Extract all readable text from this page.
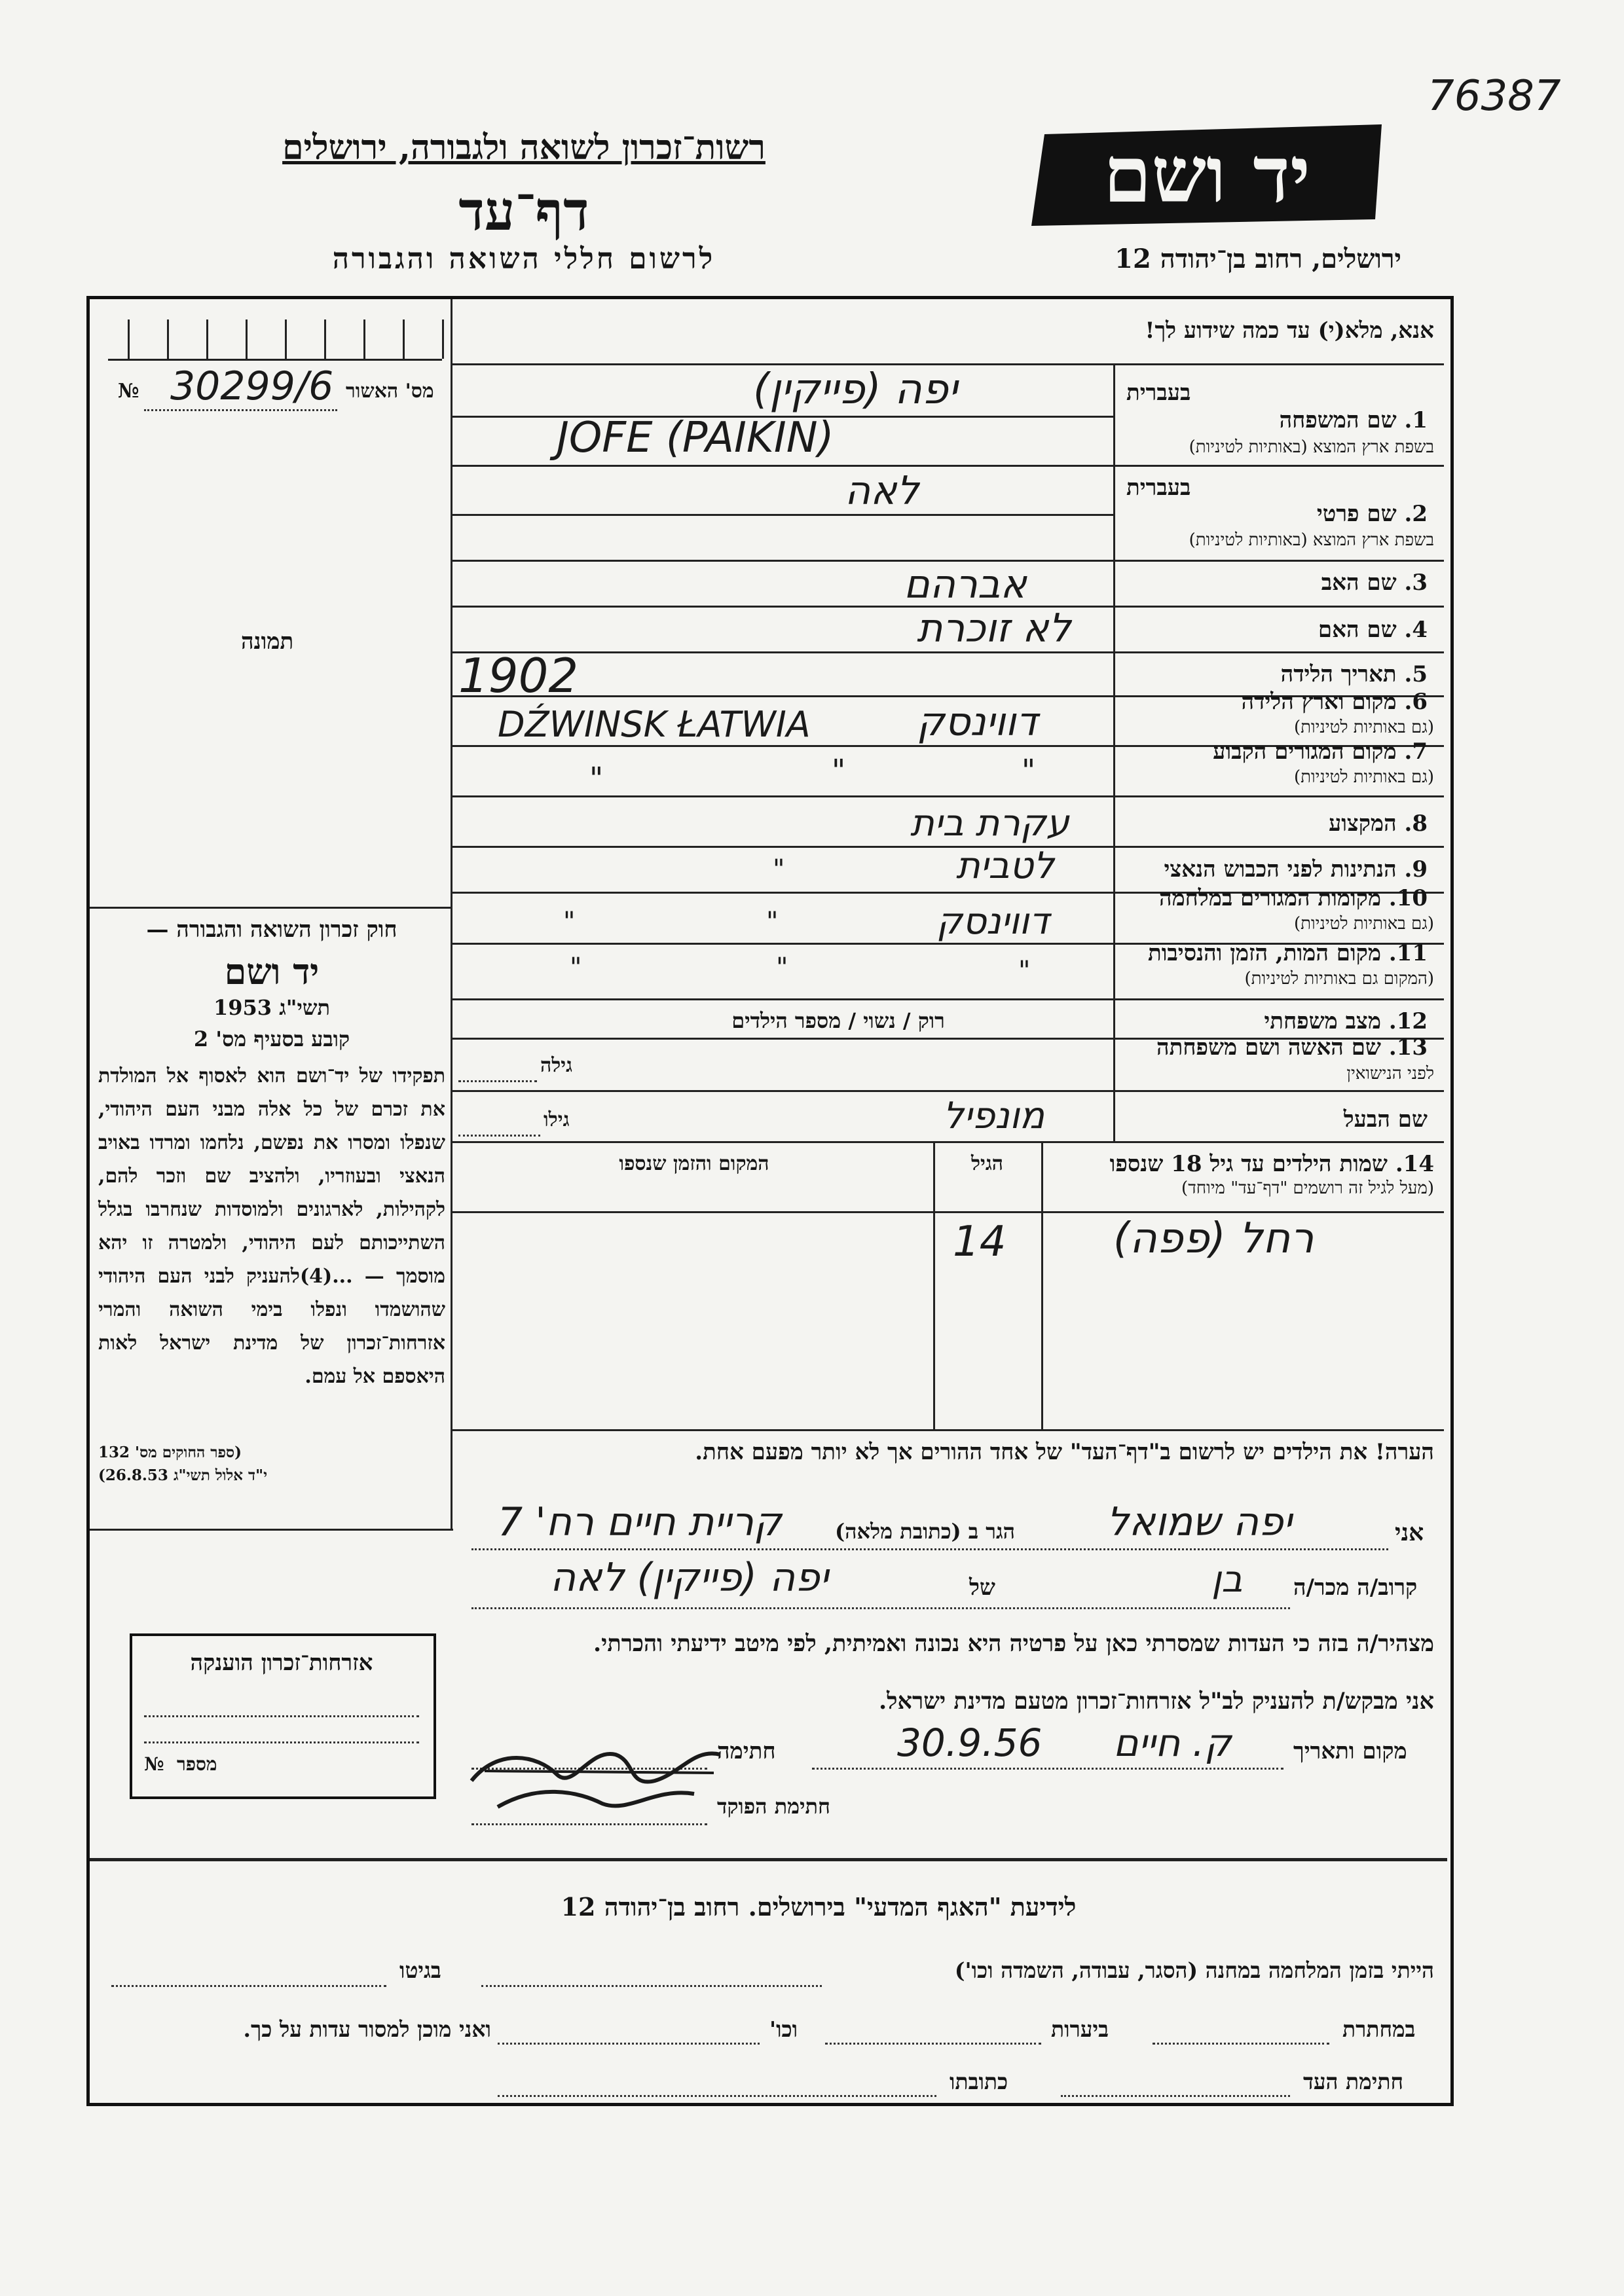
76387
רשות־זכרון לשואה ולגבורה, ירושלים
דף־עד
לרשום חללי השואה והגבורה
יד ושם
ירושלים, רחוב בן־יהודה 12
מס' האשור
№ 30299/6
תמונה
חוק זכרון השואה והגבורה —
יד ושם
תשי"ג 1953
קובע בסעיף מס' 2
תפקידו של יד־ושם הוא לאסוף אל המולדת את זכרם של כל אלה מבני העם היהודי, שנפלו ומסרו את נפשם, נלחמו ומרדו באויב הנאצי ובעוזריו, ולהציב שם וזכר להם, לקהילות, לארגונים ולמוסדות שנחרבו בגלל השתייכותם לעם היהודי, ולמטרה זו יהא מוסמך — ...(4)להעניק לבני העם היהודי שהושמדו ונפלו בימי השואה והמרי אזרחות־זכרון של מדינת ישראל לאות היאספם אל עמם.
(ספר החוקים מס' 132
י"ד אלול תשי"ג 26.8.53)
אזרחות־זכרון הוענקה
מספר
№
אנא, מלא(י) עד כמה שידוע לך!
בעברית
1. שם המשפחה
בשפת ארץ המוצא (באותיות לטיניות)
יפה (פייקין)
JOFE (PAIKIN)
בעברית
2. שם פרטי
בשפת ארץ המוצא (באותיות לטיניות)
לאה
3. שם האב
אברהם
4. שם האם
לא זוכרת
5. תאריך הלידה
1902	6. מקום וארץ הלידה
(גם באותיות לטיניות)
DŹWINSK ŁATWIA	דווינסק
7. מקום המגורים הקבוע
(גם באותיות לטיניות)
"
"
"
8. המקצוע
עקרת בית
9. הנתינות לפני הכבוש הנאצי
לטבית
"
10. מקומות המגורים במלחמה
(גם באותיות לטיניות)
דווינסק
"
"
11. מקום המות, הזמן והנסיבות
(המקום גם באותיות לטיניות)
"
"
"
12. מצב משפחתי
רוק / נשוי / מספר הילדים
13. שם האשה ושם משפחתה
לפני הנישואין
גילה
שם הבעל
מונפיל
גילו
14. שמות הילדים עד גיל 18 שנספו
(מעל לגיל זה רושמים "דף־עד" מיוחד)
הגיל
המקום והזמן שנספו
רחל (פפה)
14
הערה! את הילדים יש לרשום ב"דף־העד" של אחד ההורים אך לא יותר מפעם אחת.
אני
יפה שמואל
הגר ב (כתובת מלאה)
קריית חיים רח' 7
קרוב/ה מכר/ה
בן
של
יפה (פייקין) לאה
מצהיר/ה בזה כי העדות שמסרתי כאן על פרטיה היא נכונה ואמיתית, לפי מיטב ידיעתי והכרתי.
אני מבקש/ת להעניק לב"ל אזרחות־זכרון מטעם מדינת ישראל.
מקום ותאריך
ק. חיים
30.9.56
חתימה
חתימת הפוקד
לידיעת "האגף המדעי" בירושלים. רחוב בן־יהודה 12
הייתי בזמן המלחמה במחנה (הסגר, עבודה, השמדה וכו')
בגיטו
במחתרת
ביערות
וכו'
ואני מוכן למסור עדות על כך.
חתימת העד
כתובתו
